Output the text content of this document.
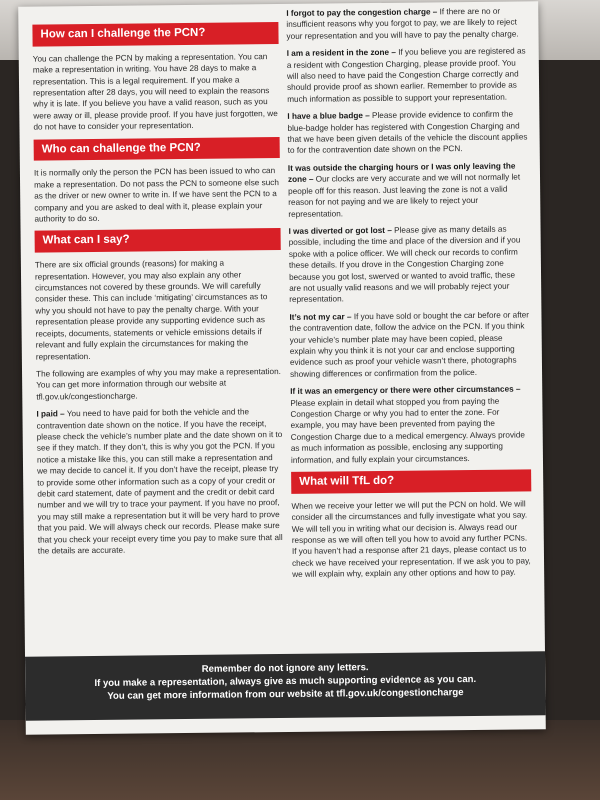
How can I challenge the PCN?

You can challenge the PCN by making a representation. You can make a representation in writing. You have 28 days to make a representation. This is a legal requirement. If you make a representation after 28 days, you will need to explain the reasons why it is late. If you believe you have a valid reason, such as you were away or ill, please provide proof. If you have just forgotten, we do not have to consider your representation.

Who can challenge the PCN?

It is normally only the person the PCN has been issued to who can make a representation. Do not pass the PCN to someone else such as the driver or new owner to write in. If we have sent the PCN to a company and you are asked to deal with it, please explain your authority to do so.

What can I say?

There are six official grounds (reasons) for making a representation. However, you may also explain any other circumstances not covered by these grounds. We will carefully consider these. This can include ‘mitigating’ circumstances as to why you should not have to pay the penalty charge. With your representation please provide any supporting evidence such as receipts, documents, statements or vehicle emissions details if relevant and fully explain the circumstances for making the representation.

The following are examples of why you may make a representation. You can get more information through our website at tfl.gov.uk/congestioncharge.

I paid – You need to have paid for both the vehicle and the contravention date shown on the notice. If you have the receipt, please check the vehicle’s number plate and the date shown on it to see if they match. If they don’t, this is why you got the PCN. If you notice a mistake like this, you can still make a representation and we may decide to cancel it. If you don’t have the receipt, please try to provide some other information such as a copy of your credit or debit card statement, date of payment and the credit or debit card number and we will try to trace your payment. If you have no proof, you may still make a representation but it will be very hard to prove that you paid. We will always check our records. Please make sure that you check your receipt every time you pay to make sure that all the details are accurate.

I forgot to pay the congestion charge – If there are no or insufficient reasons why you forgot to pay, we are likely to reject your representation and you will have to pay the penalty charge.

I am a resident in the zone – If you believe you are registered as a resident with Congestion Charging, please provide proof. You will also need to have paid the Congestion Charge correctly and should provide proof as shown earlier. Remember to provide as much information as possible to support your representation.

I have a blue badge – Please provide evidence to confirm the blue-badge holder has registered with Congestion Charging and that we have been given details of the vehicle the discount applies to for the contravention date shown on the PCN.

It was outside the charging hours or I was only leaving the zone – Our clocks are very accurate and we will not normally let people off for this reason. Just leaving the zone is not a valid reason for not paying and we are likely to reject your representation.

I was diverted or got lost – Please give as many details as possible, including the time and place of the diversion and if you spoke with a police officer. We will check our records to confirm these details. If you drove in the Congestion Charging zone because you got lost, swerved or wanted to avoid traffic, these are not usually valid reasons and we will probably reject your representation.

It’s not my car – If you have sold or bought the car before or after the contravention date, follow the advice on the PCN. If you think your vehicle’s number plate may have been copied, please explain why you think it is not your car and enclose supporting evidence such as proof your vehicle wasn’t there, photographs showing differences or confirmation from the police.

If it was an emergency or there were other circumstances – Please explain in detail what stopped you from paying the Congestion Charge or why you had to enter the zone. For example, you may have been prevented from paying the Congestion Charge due to a medical emergency. Always provide as much information as possible, enclosing any supporting information, and fully explain your circumstances.

What will TfL do?

When we receive your letter we will put the PCN on hold. We will consider all the circumstances and fully investigate what you say. We will tell you in writing what our decision is. Always read our response as we will often tell you how to avoid any further PCNs. If you haven’t had a response after 21 days, please contact us to check we have received your representation. If we ask you to pay, we will explain why, explain any other options and how to pay.

Remember do not ignore any letters.
If you make a representation, always give as much supporting evidence as you can.
You can get more information from our website at tfl.gov.uk/congestioncharge
